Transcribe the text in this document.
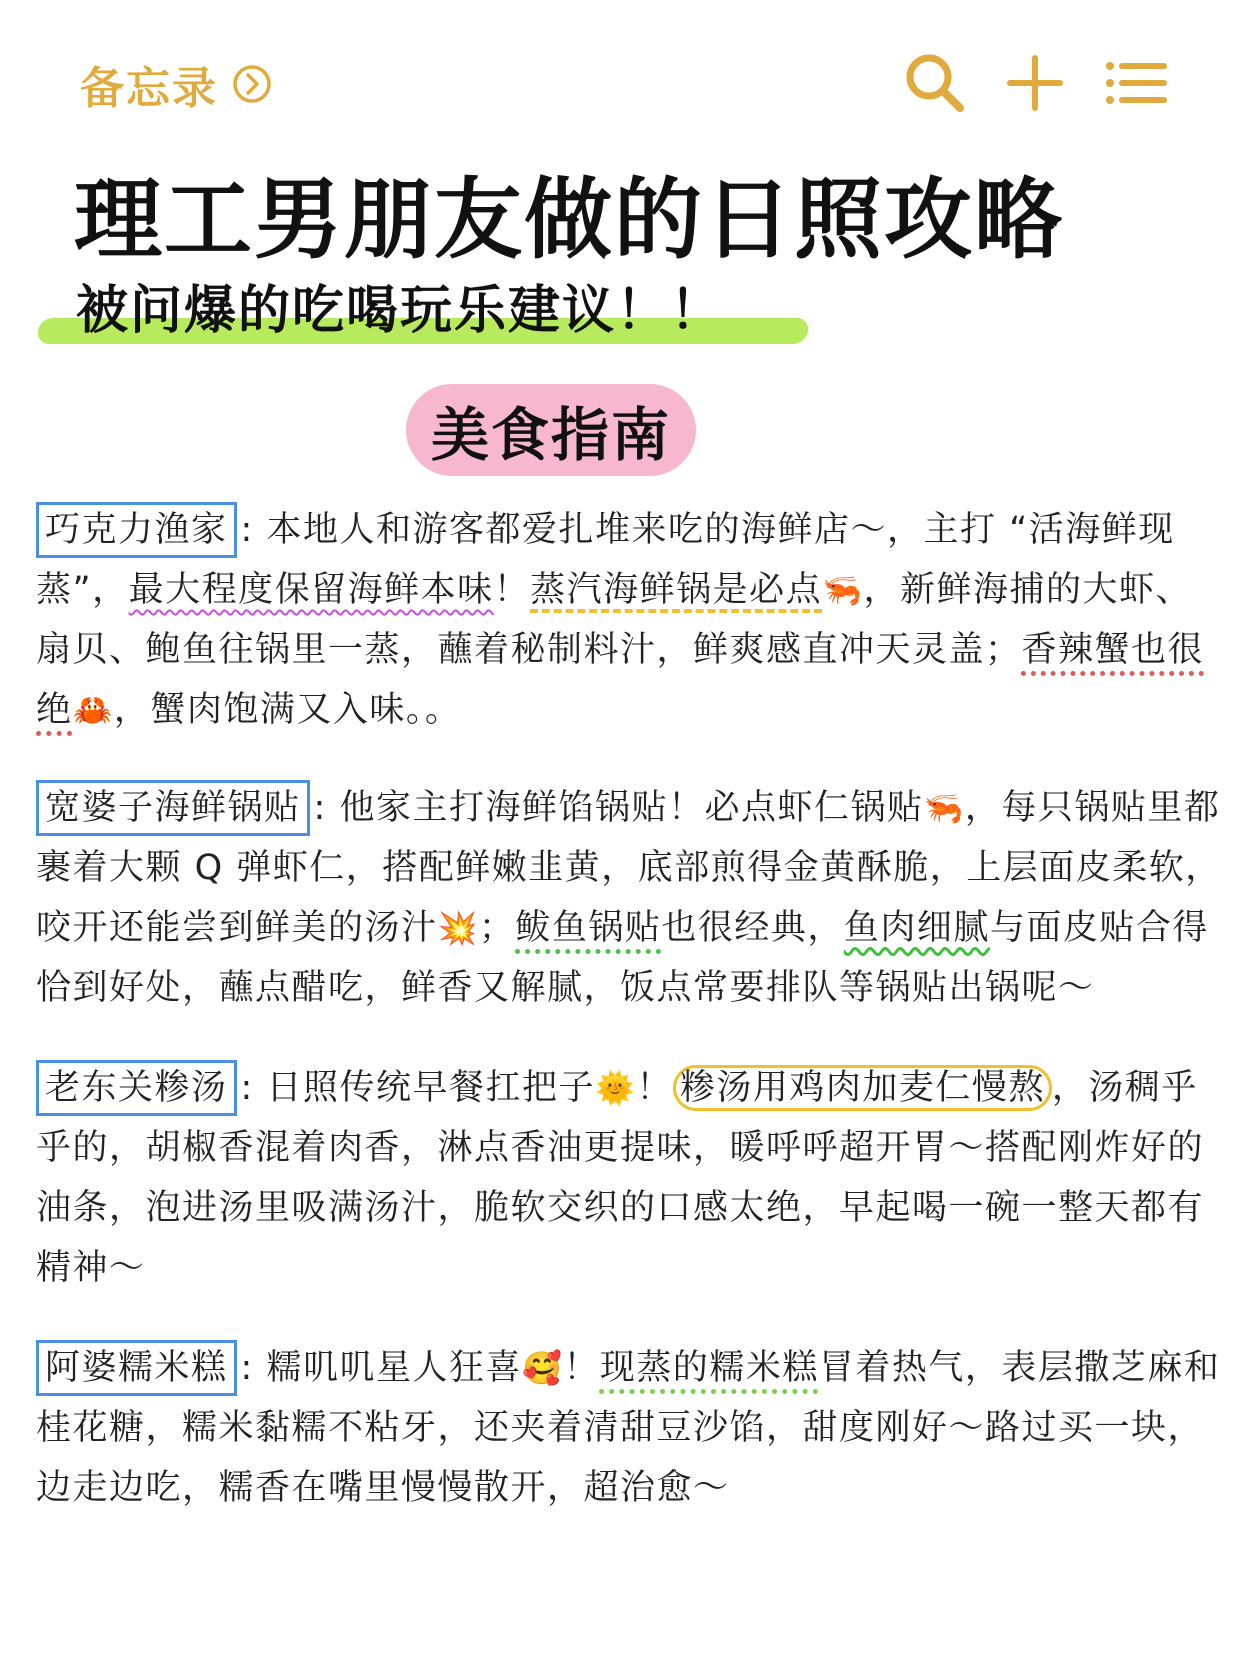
备忘录
理工男朋友做的日照攻略
被问爆的吃喝玩乐建议！！
美食指南
巧克力渔家 : 本地人和游客都爱扎堆来吃的海鲜店～，主打 “活海鲜现蒸”，最大程度保留海鲜本味！蒸汽海鲜锅是必点🦐，新鲜海捕的大虾、扇贝、鲍鱼往锅里一蒸，蘸着秘制料汁，鲜爽感直冲天灵盖；香辣蟹也很绝🦀，蟹肉饱满又入味。。
宽婆子海鲜锅贴 : 他家主打海鲜馅锅贴！必点虾仁锅贴🦐，每只锅贴里都裹着大颗 Q 弹虾仁，搭配鲜嫩韭黄，底部煎得金黄酥脆，上层面皮柔软，咬开还能尝到鲜美的汤汁💥；鲅鱼锅贴也很经典，鱼肉细腻与面皮贴合得恰到好处，蘸点醋吃，鲜香又解腻，饭点常要排队等锅贴出锅呢～
老东关糁汤 : 日照传统早餐扛把子🌞！ 糁汤用鸡肉加麦仁慢熬 ，汤稠乎乎的，胡椒香混着肉香，淋点香油更提味，暖呼呼超开胃～搭配刚炸好的油条，泡进汤里吸满汤汁，脆软交织的口感太绝，早起喝一碗一整天都有精神～
阿婆糯米糕 : 糯叽叽星人狂喜🥰！现蒸的糯米糕冒着热气，表层撒芝麻和桂花糖，糯米黏糯不粘牙，还夹着清甜豆沙馅，甜度刚好～路过买一块，边走边吃，糯香在嘴里慢慢散开，超治愈～
